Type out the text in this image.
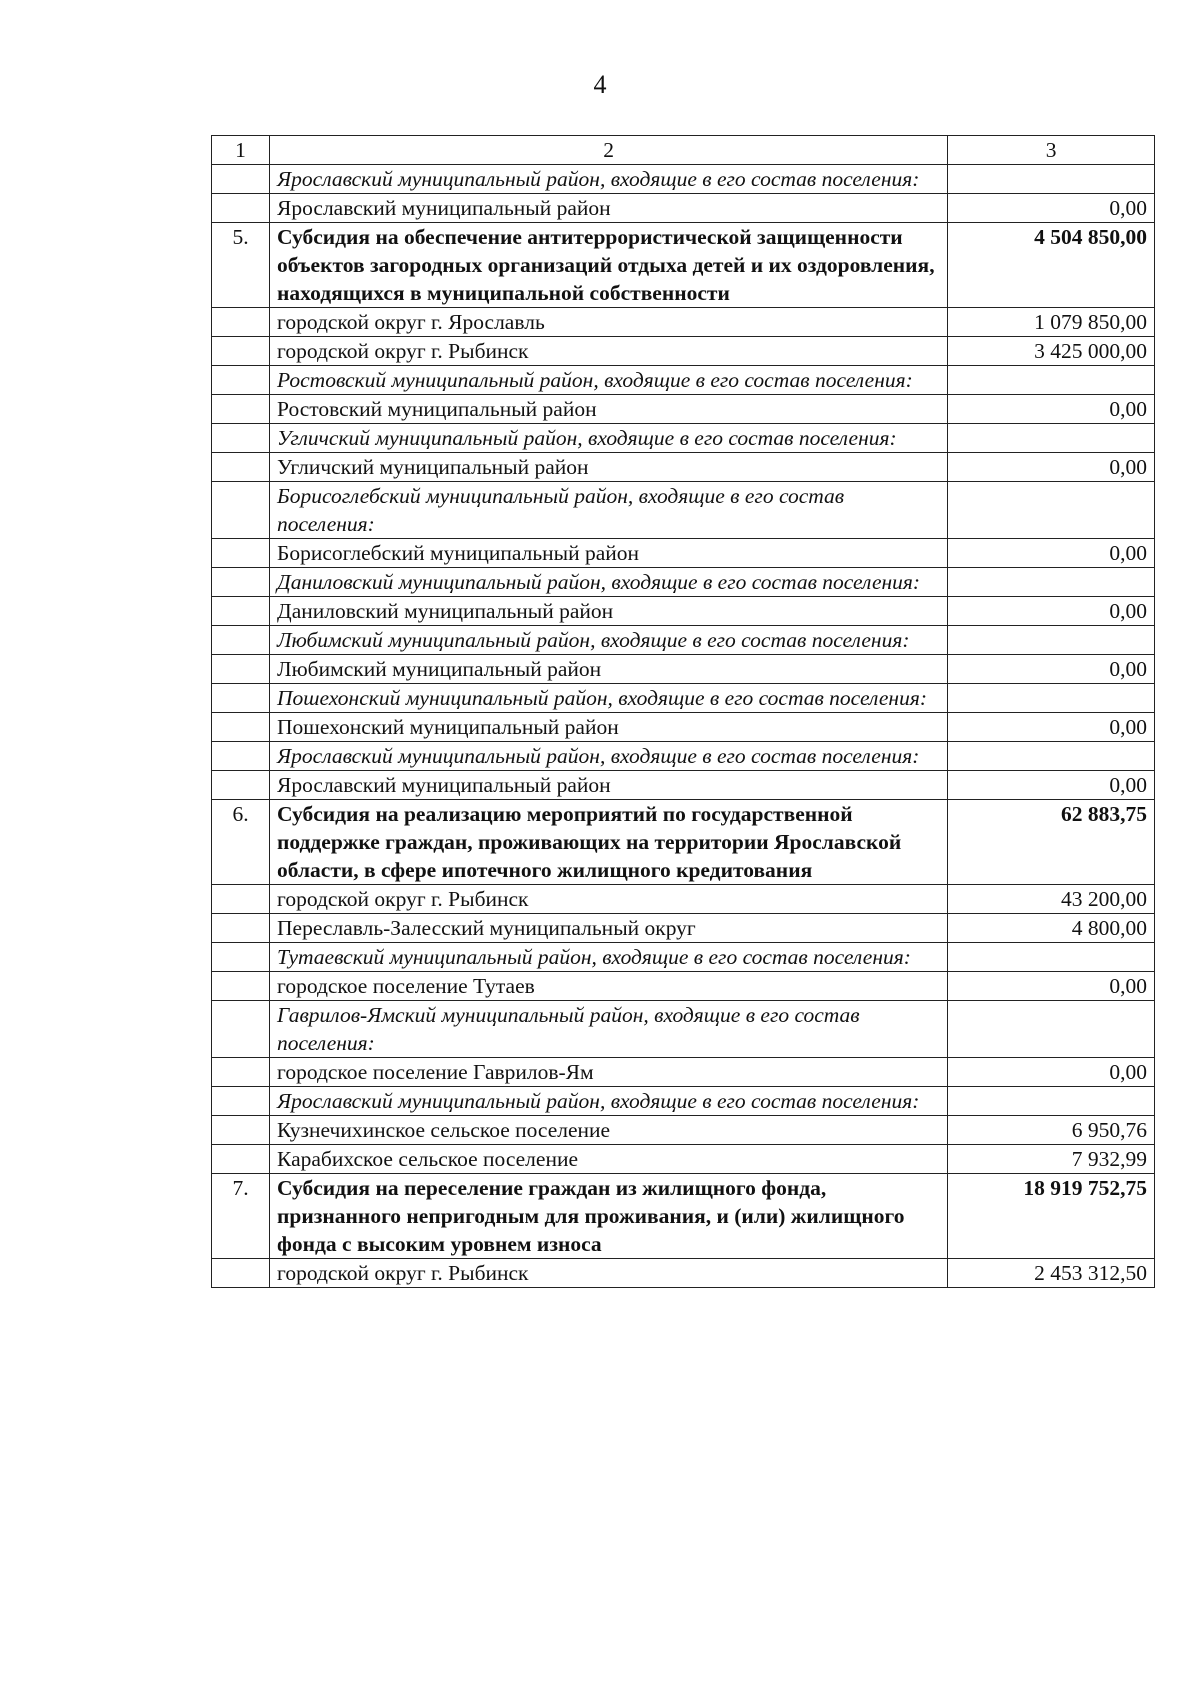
4
1	2	3
	Ярославский муниципальный район, входящие в его состав поселения:	
	Ярославский муниципальный район	0,00
5.	Субсидия на обеспечение антитеррористической защищенности объектов загородных организаций отдыха детей и их оздоровления, находящихся в муниципальной собственности	4 504 850,00
	городской округ г. Ярославль	1 079 850,00
	городской округ г. Рыбинск	3 425 000,00
	Ростовский муниципальный район, входящие в его состав поселения:	
	Ростовский муниципальный район	0,00
	Угличский муниципальный район, входящие в его состав поселения:	
	Угличский муниципальный район	0,00
	Борисоглебский муниципальный район, входящие в его состав поселения:	
	Борисоглебский муниципальный район	0,00
	Даниловский муниципальный район, входящие в его состав поселения:	
	Даниловский муниципальный район	0,00
	Любимский муниципальный район, входящие в его состав поселения:	
	Любимский муниципальный район	0,00
	Пошехонский муниципальный район, входящие в его состав поселения:	
	Пошехонский муниципальный район	0,00
	Ярославский муниципальный район, входящие в его состав поселения:	
	Ярославский муниципальный район	0,00
6.	Субсидия на реализацию мероприятий по государственной поддержке граждан, проживающих на территории Ярославской области, в сфере ипотечного жилищного кредитования	62 883,75
	городской округ г. Рыбинск	43 200,00
	Переславль-Залесский муниципальный округ	4 800,00
	Тутаевский муниципальный район, входящие в его состав поселения:	
	городское поселение Тутаев	0,00
	Гаврилов-Ямский муниципальный район, входящие в его состав поселения:	
	городское поселение Гаврилов-Ям	0,00
	Ярославский муниципальный район, входящие в его состав поселения:	
	Кузнечихинское сельское поселение	6 950,76
	Карабихское сельское поселение	7 932,99
7.	Субсидия на переселение граждан из жилищного фонда, признанного непригодным для проживания, и (или) жилищного фонда с высоким уровнем износа	18 919 752,75
	городской округ г. Рыбинск	2 453 312,50
